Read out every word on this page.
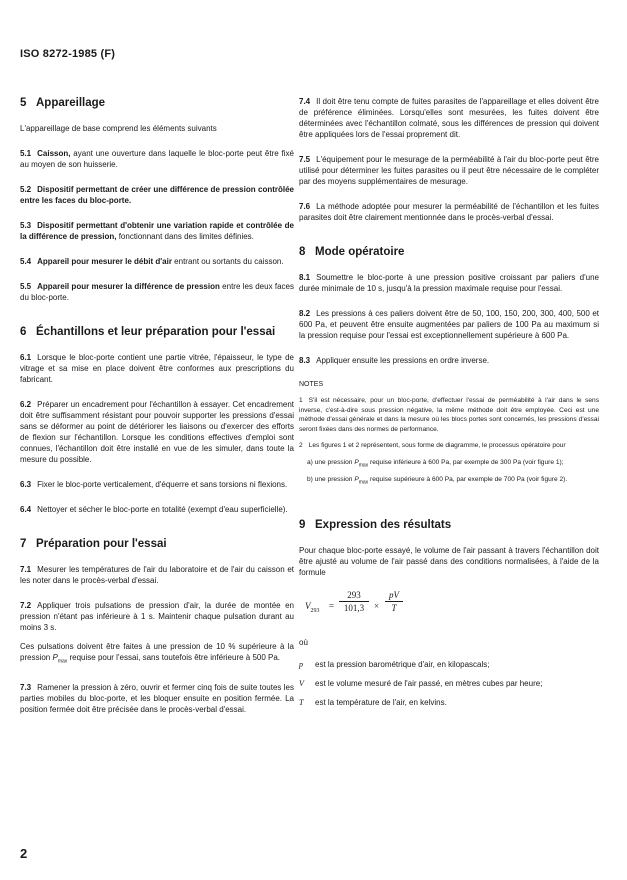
ISO 8272-1985 (F)
5 Appareillage

L'appareillage de base comprend les éléments suivants

5.1 Caisson, ayant une ouverture dans laquelle le bloc-porte peut être fixé au moyen de son huisserie.

5.2 Dispositif permettant de créer une différence de pression contrôlée entre les faces du bloc-porte.

5.3 Dispositif permettant d'obtenir une variation rapide et contrôlée de la différence de pression, fonctionnant dans des limites définies.

5.4 Appareil pour mesurer le débit d'air entrant ou sortants du caisson.

5.5 Appareil pour mesurer la différence de pression entre les deux faces du bloc-porte.

6 Échantillons et leur préparation pour l'essai

6.1 Lorsque le bloc-porte contient une partie vitrée, l'épaisseur, le type de vitrage et sa mise en place doivent être conformes aux prescriptions du fabricant.

6.2 Préparer un encadrement pour l'échantillon à essayer. Cet encadrement doit être suffisamment résistant pour pouvoir supporter les pressions d'essai sans se déformer au point de détériorer les liaisons ou d'exercer des efforts de flexion sur l'échantillon. Lorsque les conditions effectives d'emploi sont connues, l'échantillon doit être installé en vue de les simuler, dans toute la mesure du possible.

6.3 Fixer le bloc-porte verticalement, d'équerre et sans torsions ni flexions.

6.4 Nettoyer et sécher le bloc-porte en totalité (exempt d'eau superficielle).

7 Préparation pour l'essai

7.1 Mesurer les températures de l'air du laboratoire et de l'air du caisson et les noter dans le procès-verbal d'essai.

7.2 Appliquer trois pulsations de pression d'air, la durée de montée en pression n'étant pas inférieure à 1 s. Maintenir chaque pulsation durant au moins 3 s.

Ces pulsations doivent être faites à une pression de 10 % supérieure à la pression $P_{max}$ requise pour l'essai, sans toutefois être inférieure à 500 Pa.

7.3 Ramener la pression à zéro, ouvrir et fermer cinq fois de suite toutes les parties mobiles du bloc-porte, et les bloquer ensuite en position fermée. La position fermée doit être précisée dans le procès-verbal d'essai.

7.4 Il doit être tenu compte de fuites parasites de l'appareillage et elles doivent être de préférence éliminées. Lorsqu'elles sont mesurées, les fuites doivent être déterminées avec l'échantillon colmaté, sous les différences de pression qui doivent être appliquées lors de l'essai proprement dit.

7.5 L'équipement pour le mesurage de la perméabilité à l'air du bloc-porte peut être utilisé pour déterminer les fuites parasites ou il peut être nécessaire de le compléter par des moyens supplémentaires de mesurage.

7.6 La méthode adoptée pour mesurer la perméabilité de l'échantillon et les fuites parasites doit être clairement mentionnée dans le procès-verbal d'essai.

8 Mode opératoire

8.1 Soumettre le bloc-porte à une pression positive croissant par paliers d'une durée minimale de 10 s, jusqu'à la pression maximale requise pour l'essai.

8.2 Les pressions à ces paliers doivent être de 50, 100, 150, 200, 300, 400, 500 et 600 Pa, et peuvent être ensuite augmentées par paliers de 100 Pa au maximum si la pression requise pour l'essai est exceptionnellement supérieure à 600 Pa.

8.3 Appliquer ensuite les pressions en ordre inverse.

NOTES
1 S'il est nécessaire, pour un bloc-porte, d'effectuer l'essai de perméabilité à l'air dans le sens inverse, c'est-à-dire sous pression négative, la même méthode doit être employée. Ceci est une méthode d'essai générale et dans la mesure où les blocs portes sont concernés, les pressions d'essai seront fixées dans des normes de performance.
2 Les figures 1 et 2 représentent, sous forme de diagramme, le processus opératoire pour
a) une pression $P_{max}$ requise inférieure à 600 Pa, par exemple de 300 Pa (voir figure 1);
b) une pression $P_{max}$ requise supérieure à 600 Pa, par exemple de 700 Pa (voir figure 2).
9 Expression des résultats

Pour chaque bloc-porte essayé, le volume de l'air passant à travers l'échantillon doit être ajusté au volume de l'air passé dans des conditions normalisées, à l'aide de la formule

$V_{293} = \frac{293}{101,3} \times \frac{pV}{T}$
où
p est la pression barométrique d'air, en kilopascals;
V est le volume mesuré de l'air passé, en mètres cubes par heure;
T est la température de l'air, en kelvins.
2
